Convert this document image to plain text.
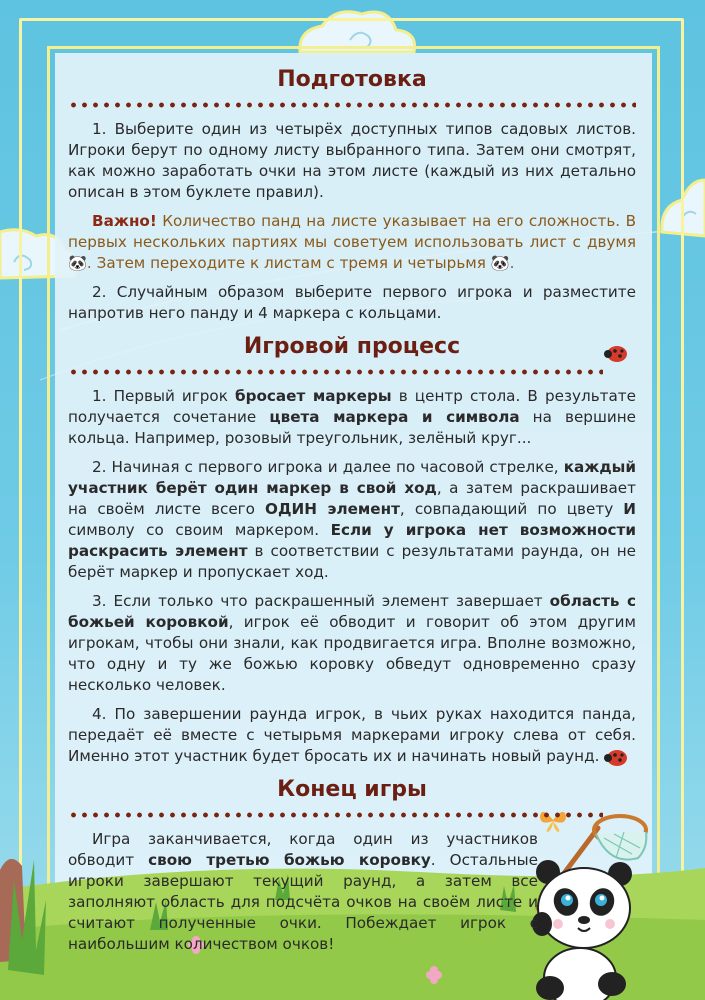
Подготовка

1. Выберите один из четырёх доступных типов садовых листов. Игроки берут по одному листу выбранного типа. Затем они смотрят, как можно заработать очки на этом листе (каждый из них детально описан в этом буклете правил).

Важно! Количество панд на листе указывает на его сложность. В первых нескольких партиях мы советуем использовать лист с двумя 🐼. Затем переходите к листам с тремя и четырьмя 🐼.

2. Случайным образом выберите первого игрока и разместите напротив него панду и 4 маркера с кольцами.

Игровой процесс

1. Первый игрок бросает маркеры в центр стола. В результате получается сочетание цвета маркера и символа на вершине кольца. Например, розовый треугольник, зелёный круг...

2. Начиная с первого игрока и далее по часовой стрелке, каждый участник берёт один маркер в свой ход, а затем раскрашивает на своём листе всего ОДИН элемент, совпадающий по цвету И символу со своим маркером. Если у игрока нет возможности раскрасить элемент в соответствии с результатами раунда, он не берёт маркер и пропускает ход.

3. Если только что раскрашенный элемент завершает область с божьей коровкой, игрок её обводит и говорит об этом другим игрокам, чтобы они знали, как продвигается игра. Вполне возможно, что одну и ту же божью коровку обведут одновременно сразу несколько человек.

4. По завершении раунда игрок, в чьих руках находится панда, передаёт её вместе с четырьмя маркерами игроку слева от себя. Именно этот участник будет бросать их и начинать новый раунд.

Конец игры

Игра заканчивается, когда один из участников обводит свою третью божью коровку. Остальные игроки завершают текущий раунд, а затем все заполняют область для подсчёта очков на своём листе и считают полученные очки. Побеждает игрок с наибольшим количеством очков!
